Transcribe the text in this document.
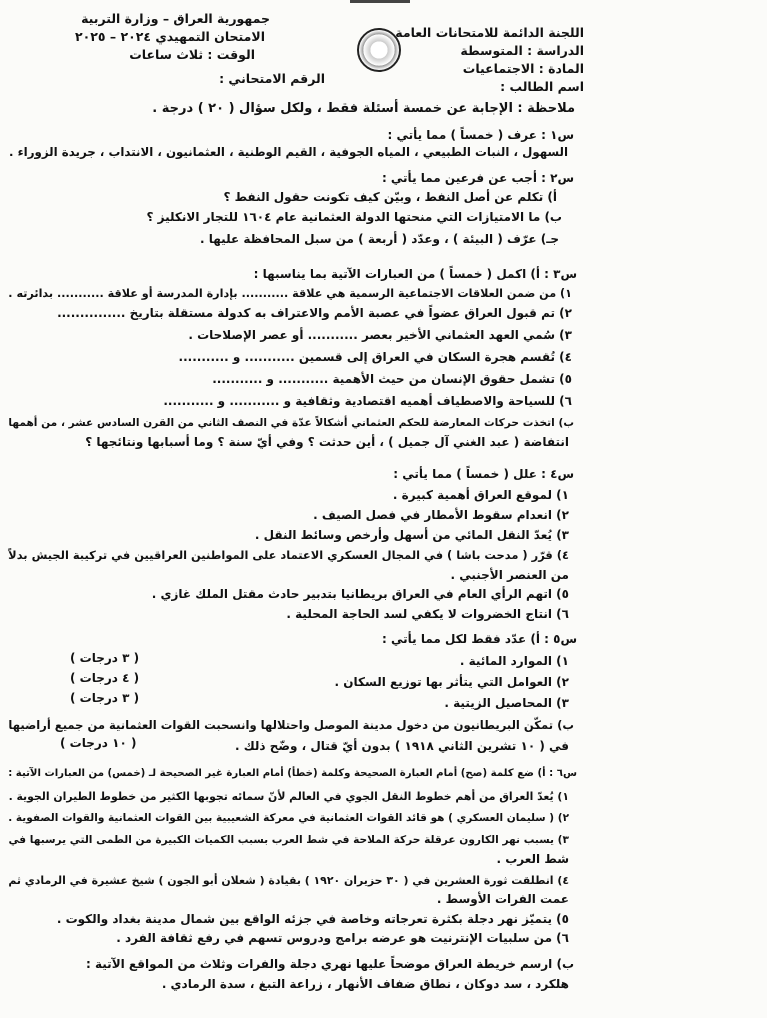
اللجنة الدائمة للامتحانات العامة
الدراسة : المتوسطة
المادة : الاجتماعيات
اسم الطالب :
جمهورية العراق – وزارة التربية
الامتحان التمهيدي ٢٠٢٤ – ٢٠٢٥
الوقت : ثلاث ساعات
الرقم الامتحاني :
ملاحظة : الإجابة عن خمسة أسئلة فقط ، ولكل سؤال ( ٢٠ ) درجة .
س١ : عرف ( خمساً ) مما يأتي :
السهول ، النبات الطبيعي ، المياه الجوفية ، القيم الوطنية ، العثمانيون ، الانتداب ، جريدة الزوراء .
س٢ : أجب عن فرعين مما يأتي :
أ) تكلم عن أصل النفط ، وبيّن كيف تكونت حقول النفط ؟
ب) ما الامتيازات التي منحتها الدولة العثمانية عام ١٦٠٤ للتجار الانكليز ؟
جـ) عرّف ( البيئة ) ، وعدّد ( أربعة ) من سبل المحافظة عليها .
س٣ : أ) اكمل ( خمساً ) من العبارات الآتية بما يناسبها :
١) من ضمن العلاقات الاجتماعية الرسمية هي علاقة ........... بإدارة المدرسة أو علاقة ........... بدائرته .
٢) تم قبول العراق عضواً في عصبة الأمم والاعتراف به كدولة مستقلة بتاريخ ...............
٣) سُمي العهد العثماني الأخير بعصر ........... أو عصر الإصلاحات .
٤) تُقسم هجرة السكان في العراق إلى قسمين ........... و ...........
٥) تشمل حقوق الإنسان من حيث الأهمية ........... و ...........
٦) للسياحة والاصطياف أهميه اقتصادية وثقافية و ........... و ...........
ب) اتخذت حركات المعارضة للحكم العثماني أشكالاً عدّة في النصف الثاني من القرن السادس عشر ، من أهمها
انتفاضة ( عبد الغني آل جميل ) ، أين حدثت ؟ وفي أيّ سنة ؟ وما أسبابها ونتائجها ؟
س٤ : علل ( خمساً ) مما يأتي :
١) لموقع العراق أهمية كبيرة .
٢) انعدام سقوط الأمطار في فصل الصيف .
٣) يُعدّ النقل المائي من أسهل وأرخص وسائط النقل .
٤) قرّر ( مدحت باشا ) في المجال العسكري الاعتماد على المواطنين العراقيين في تركيبة الجيش بدلاً
من العنصر الأجنبي .
٥) اتهم الرأي العام في العراق بريطانيا بتدبير حادث مقتل الملك غازي .
٦) انتاج الخضروات لا يكفي لسد الحاجة المحلية .
س٥ : أ) عدّد فقط لكل مما يأتي :
١) الموارد المائية .
٢) العوامل التي يتأثر بها توزيع السكان .
٣) المحاصيل الزيتية .
( ٣ درجات )
( ٤ درجات )
( ٣ درجات )
ب) تمكّن البريطانيون من دخول مدينة الموصل واحتلالها وانسحبت القوات العثمانية من جميع أراضيها
في ( ١٠ تشرين الثاني ١٩١٨ ) بدون أيّ قتال ، وضّح ذلك .
( ١٠ درجات )
س٦ : أ) ضع كلمة (صح) أمام العبارة الصحيحة وكلمة (خطأ) أمام العبارة غير الصحيحة لـ (خمس) من العبارات الآتية :
١) يُعدّ العراق من أهم خطوط النقل الجوي في العالم لأنّ سمائه تجوبها الكثير من خطوط الطيران الجوية .
٢) ( سليمان العسكري ) هو قائد القوات العثمانية في معركة الشعيبية بين القوات العثمانية والقوات الصفوية .
٣) يسبب نهر الكارون عرقلة حركة الملاحة في شط العرب بسبب الكميات الكبيرة من الطمى التي يرسبها في
شط العرب .
٤) انطلقت ثورة العشرين في ( ٣٠ حزيران ١٩٢٠ ) بقيادة ( شعلان أبو الجون ) شيخ عشيرة في الرمادي ثم
عمت الفرات الأوسط .
٥) يتميّز نهر دجلة بكثرة تعرجاته وخاصة في جزئه الواقع بين شمال مدينة بغداد والكوت .
٦) من سلبيات الإنترنيت هو عرضه برامج ودروس تسهم في رفع ثقافة الفرد .
ب) ارسم خريطة العراق موضحاً عليها نهري دجلة والفرات وثلاث من المواقع الآتية :
هلكرد ، سد دوكان ، نطاق ضفاف الأنهار ، زراعة التبغ ، سدة الرمادي .
